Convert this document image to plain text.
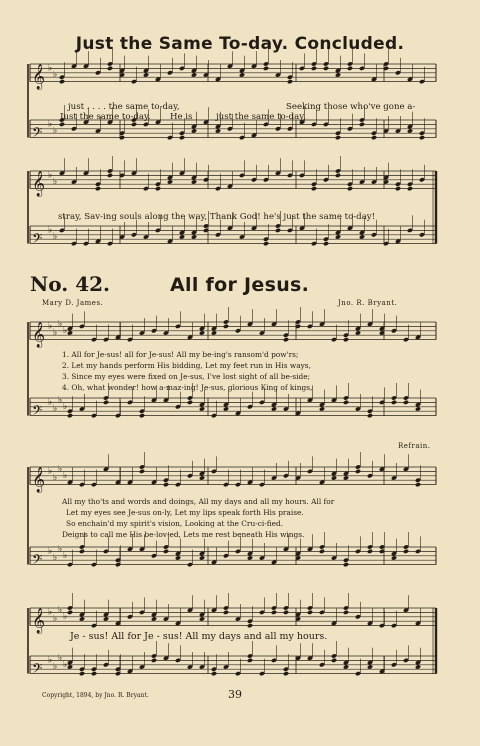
Just the Same To-day. Concluded.
𝄞 ♭
♭
𝄢
♭
♭
𝄞 ♭
♭
𝄢 ♭
♭
𝄞 ♭
♭
♭
♭
𝄢 ♭
♭
♭
♭
𝄞 ♭
♭
♭
♭
𝄢 ♭
♭
♭
♭
𝄞 ♭
♭
♭
♭
𝄢 ♭
♭
♭
♭
just . . . . the same to-day,	Seeking those who've gone a-
Just the same to-day. He is	just the same to-day,
stray, Sav-ing souls along the way, Thank God! he's just the same to-day!
No. 42.	All for Jesus.
Mary D. James.	Jno. R. Bryant.
1. All for Je-sus! all for Je-sus! All my be-ing's ransom'd pow'rs;
2. Let my hands perform His bidding, Let my feet run in His ways,
3. Since my eyes were fixed on Je-sus, I've lost sight of all be-side;
4. Oh, what wonder! how a-maz-ing! Je-sus, glorious King of kings,
Refrain.
All my tho'ts and words and doings, All my days and all my hours. All for
Let my eyes see Je-sus on-ly, Let my lips speak forth His praise.
So enchain'd my spirit's vision, Looking at the Cru-ci-fied.
Deigns to call me His be-lov-ed, Lets me rest beneath His wings.
Je - sus! All for Je - sus! All my days and all my hours.
Copyright, 1894, by Jno. R. Bryant.	39
